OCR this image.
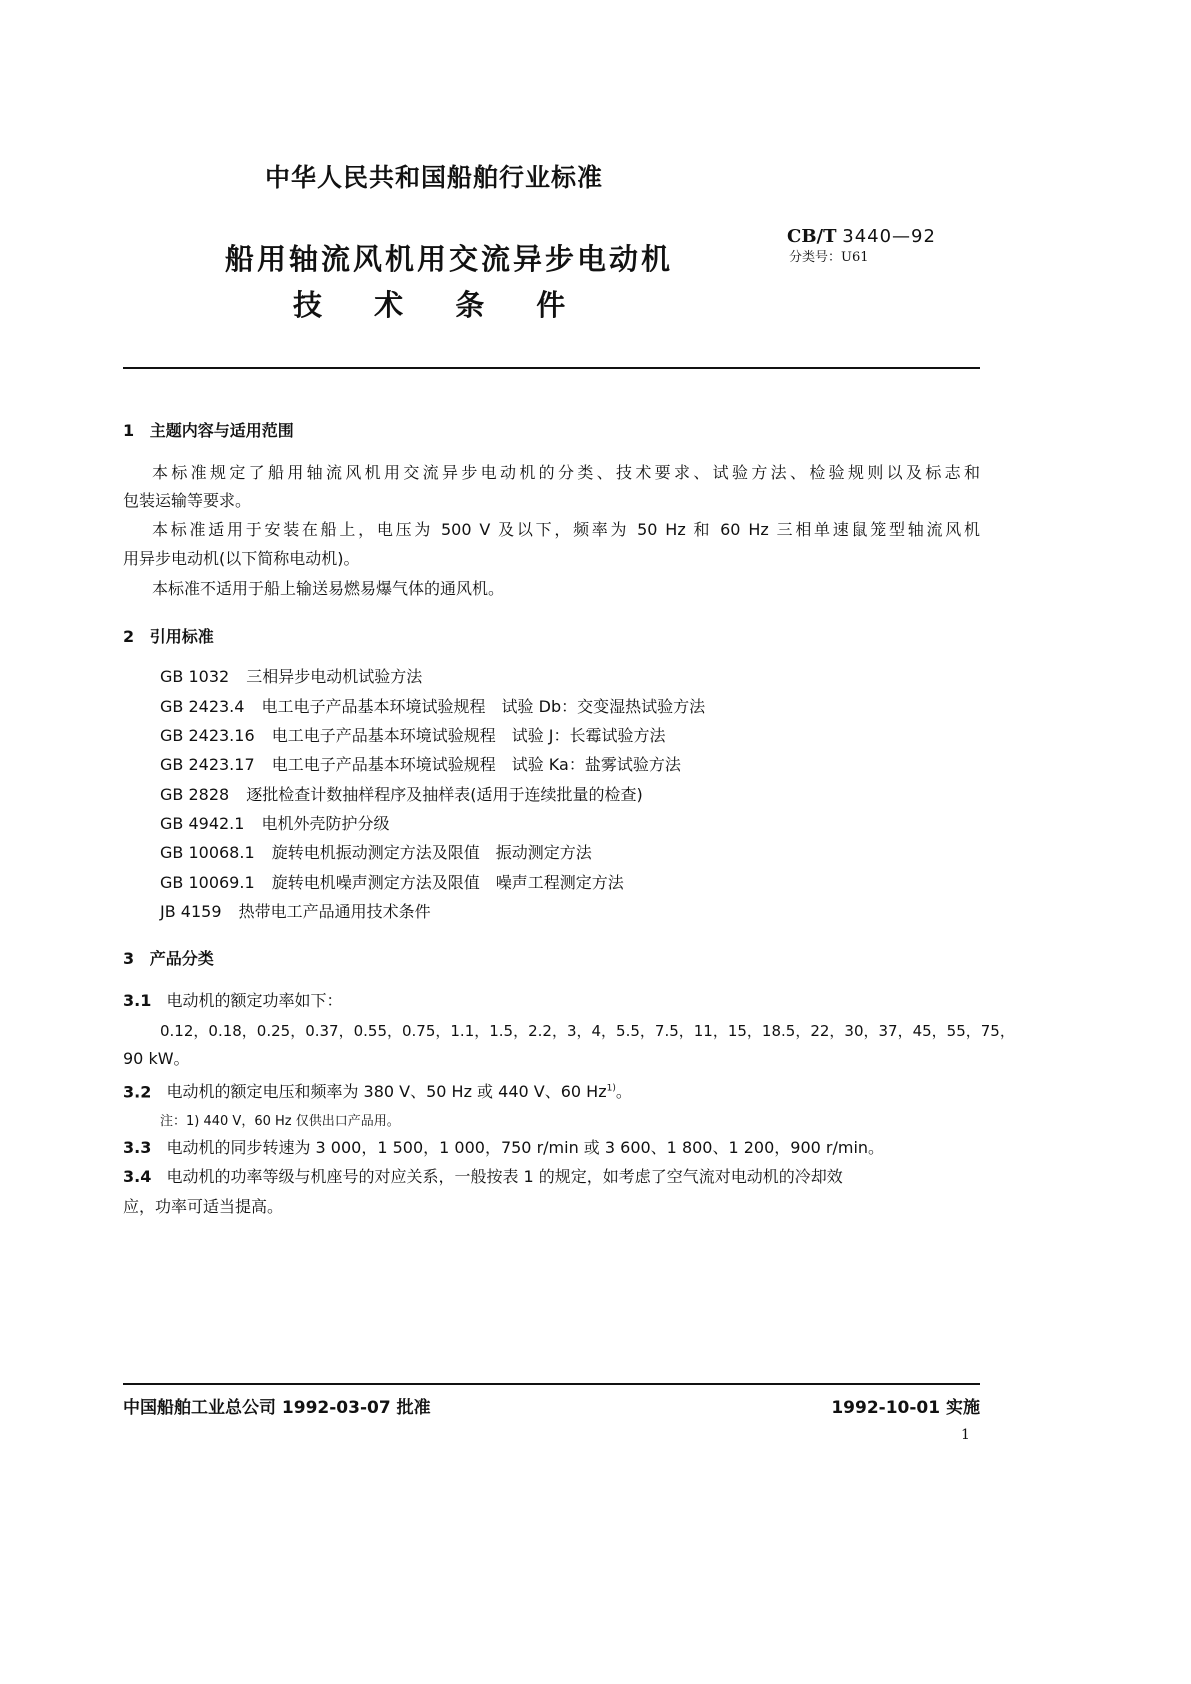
中华人民共和国船舶行业标准
船用轴流风机用交流异步电动机
技 术 条 件
CB/T 3440—92
分类号：U61
1 主题内容与适用范围
本标准规定了船用轴流风机用交流异步电动机的分类、技术要求、试验方法、检验规则以及标志和
包装运输等要求。
本标准适用于安装在船上，电压为 500 V 及以下，频率为 50 Hz 和 60 Hz 三相单速鼠笼型轴流风机
用异步电动机(以下简称电动机)。
本标准不适用于船上输送易燃易爆气体的通风机。
2 引用标准
GB 1032 三相异步电动机试验方法
GB 2423.4 电工电子产品基本环境试验规程　试验 Db：交变湿热试验方法
GB 2423.16 电工电子产品基本环境试验规程　试验 J：长霉试验方法
GB 2423.17 电工电子产品基本环境试验规程　试验 Ka：盐雾试验方法
GB 2828 逐批检查计数抽样程序及抽样表(适用于连续批量的检查)
GB 4942.1 电机外壳防护分级
GB 10068.1 旋转电机振动测定方法及限值　振动测定方法
GB 10069.1 旋转电机噪声测定方法及限值　噪声工程测定方法
JB 4159 热带电工产品通用技术条件
3 产品分类
3.1 电动机的额定功率如下：
0.12，0.18，0.25，0.37，0.55，0.75，1.1，1.5，2.2，3，4，5.5，7.5，11，15，18.5，22，30，37，45，55，75，
90 kW。
3.2 电动机的额定电压和频率为 380 V、50 Hz 或 440 V、60 Hz$^{1)}$。
注：1) 440 V，60 Hz 仅供出口产品用。
3.3 电动机的同步转速为 3 000，1 500，1 000，750 r/min 或 3 600、1 800、1 200，900 r/min。
3.4 电动机的功率等级与机座号的对应关系，一般按表 1 的规定，如考虑了空气流对电动机的冷却效
应，功率可适当提高。
中国船舶工业总公司 1992-03-07 批准	1992-10-01 实施
1
